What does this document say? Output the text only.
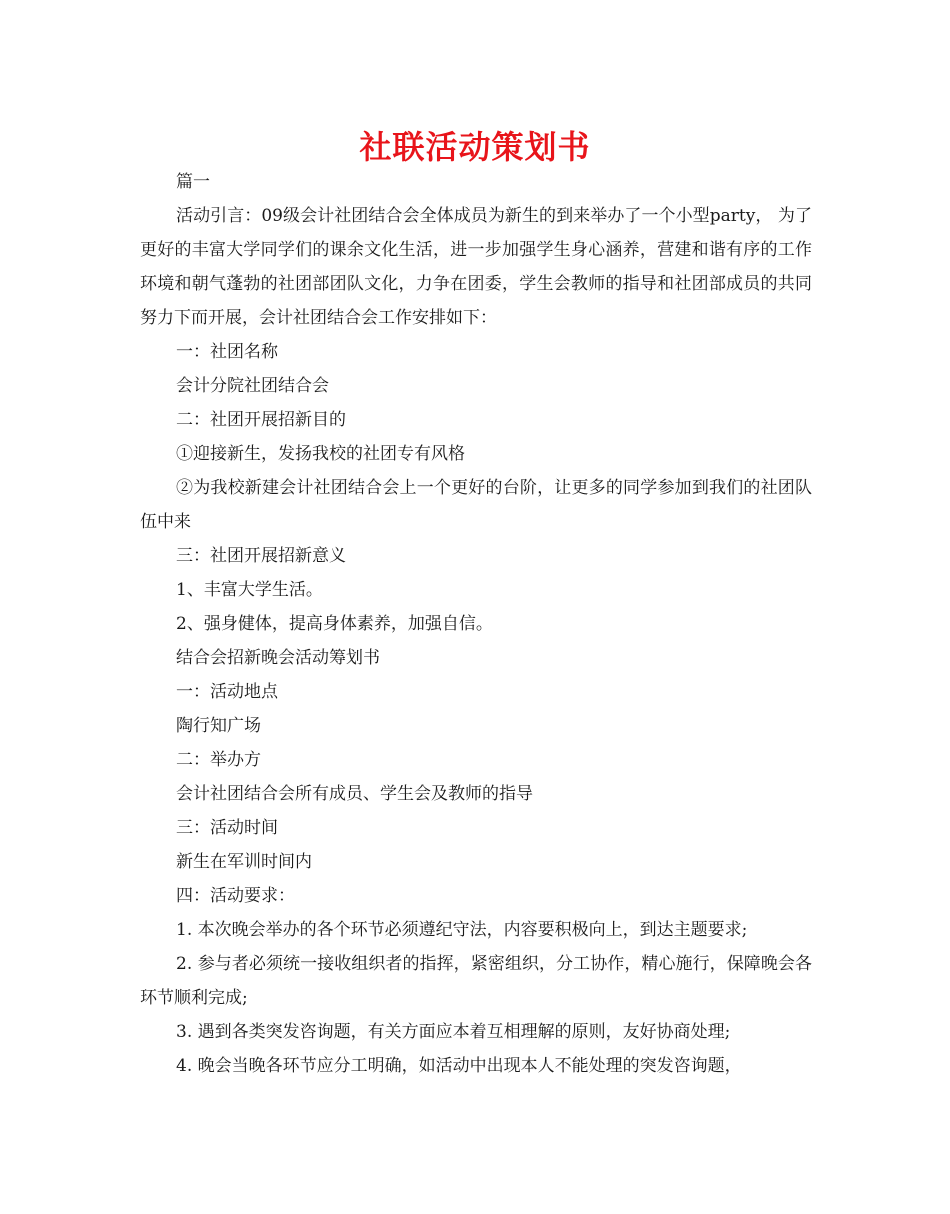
社联活动策划书

篇一

活动引言：09级会计社团结合会全体成员为新生的到来举办了一个小型party， 为了更好的丰富大学同学们的课余文化生活，进一步加强学生身心涵养，营建和谐有序的工作环境和朝气蓬勃的社团部团队文化，力争在团委，学生会教师的指导和社团部成员的共同努力下而开展，会计社团结合会工作安排如下：

一：社团名称

会计分院社团结合会

二：社团开展招新目的

①迎接新生，发扬我校的社团专有风格

②为我校新建会计社团结合会上一个更好的台阶，让更多的同学参加到我们的社团队伍中来

三：社团开展招新意义

1、丰富大学生活。

2、强身健体，提高身体素养，加强自信。

结合会招新晚会活动筹划书

一：活动地点

陶行知广场

二：举办方

会计社团结合会所有成员、学生会及教师的指导

三：活动时间

新生在军训时间内

四：活动要求：

1. 本次晚会举办的各个环节必须遵纪守法，内容要积极向上，到达主题要求;

2. 参与者必须统一接收组织者的指挥，紧密组织，分工协作，精心施行，保障晚会各环节顺利完成;

3. 遇到各类突发咨询题，有关方面应本着互相理解的原则，友好协商处理;

4. 晚会当晚各环节应分工明确，如活动中出现本人不能处理的突发咨询题，
